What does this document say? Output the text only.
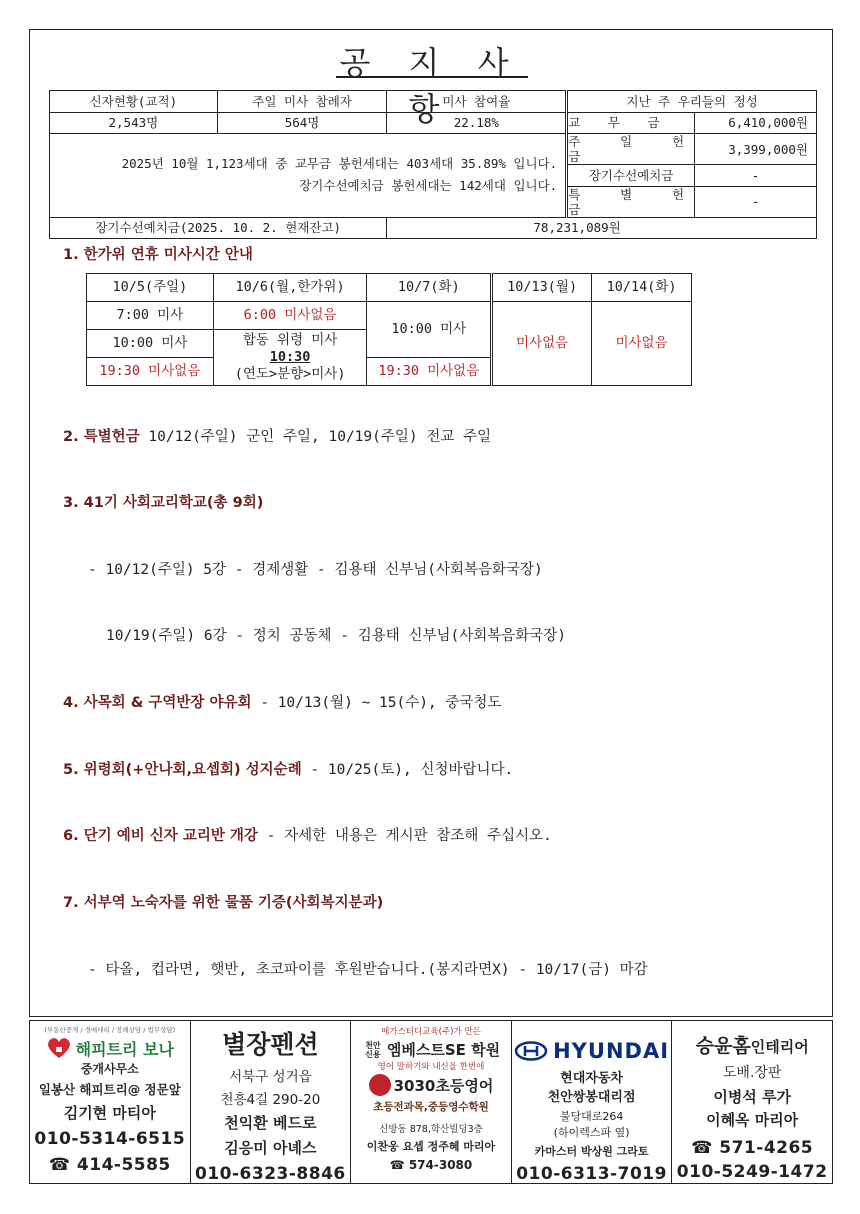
공 지 사 항
신자현황(교적)	주일 미사 참례자	미사 참여율	지난 주 우리들의 정성	
2,543명	564명	22.18%	교 무 금	6,410,000원

2025년 10월 1,123세대 중 교무금 봉헌세대는 403세대 35.89% 입니다.
장기수선예치금 봉헌세대는 142세대 입니다.			주 일 헌 금	3,399,000원
			장기수선예치금	-
			특 별 헌 금	-
장기수선예치금(2025. 10. 2. 현재잔고)		78,231,089원		
1. 한가위 연휴 미사시간 안내
10/5(주일)	10/6(월,한가위)	10/7(화)	10/13(월)	10/14(화)
7:00 미사	6:00 미사없음	10:00 미사	미사없음	미사없음
10:00 미사	합동 위령 미사
10:30
(연도>분향>미사)			

19:30 미사없음		19:30 미사없음		
2. 특별헌금 10/12(주일) 군인 주일, 10/19(주일) 전교 주일
3. 41기 사회교리학교(총 9회)
- 10/12(주일) 5강 - 경제생활 - 김용태 신부님(사회복음화국장)
10/19(주일) 6강 - 정치 공동체 - 김용태 신부님(사회복음화국장)
4. 사목회 & 구역반장 야유회 - 10/13(월) ~ 15(수), 중국청도
5. 위령회(+안나회,요셉회) 성지순례 - 10/25(토), 신청바랍니다.
6. 단기 예비 신자 교리반 개강 - 자세한 내용은 게시판 참조해 주십시오.
7. 서부역 노숙자를 위한 물품 기증(사회복지분과)
- 타올, 컵라면, 햇반, 초코파이를 후원받습니다.(봉지라면X) - 10/17(금) 마감
(부동산중개 / 경매대리 / 장례상담 / 법무상담)
해피트리 보나
중개사무소
일봉산 해피트리@ 정문앞
김기현 마티아
010-5314-6515
☎ 414-5585
별장펜션
서북구 성거읍
천흥4길 290-20
천익환 베드로
김응미 아녜스
010-6323-8846
메가스터디교육(주)가 만든
천안 신용 엠베스트SE 학원
영어 말하기와 내신을 한번에
3030초등영어
초등전과목,중등영수학원
신방동 878,학산빌딩3층
이찬웅 요셉 정주혜 마리아
☎ 574-3080
HYUNDAI
현대자동차
천안쌍봉대리점
불당대로264
(하이렉스파 옆)
카마스터 박상원 그라토
010-6313-7019
승윤홈인테리어
도배.장판
이병석 루가
이혜옥 마리아
☎ 571-4265
010-5249-1472
